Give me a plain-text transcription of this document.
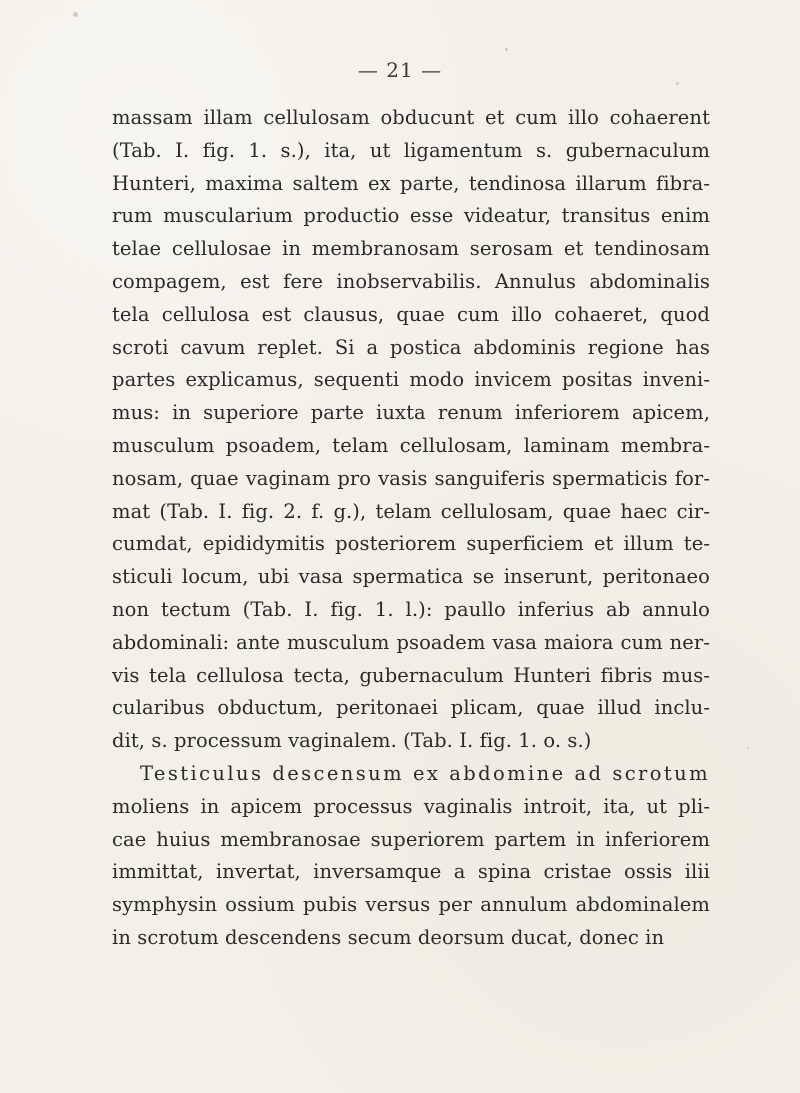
— 21 —
massam illam cellulosam obducunt et cum illo cohaerent
(Tab. I. fig. 1. s.), ita, ut ligamentum s. gubernaculum
Hunteri, maxima saltem ex parte, tendinosa illarum fibra-
rum muscularium productio esse videatur, transitus enim
telae cellulosae in membranosam serosam et tendinosam
compagem, est fere inobservabilis. Annulus abdominalis
tela cellulosa est clausus, quae cum illo cohaeret, quod
scroti cavum replet. Si a postica abdominis regione has
partes explicamus, sequenti modo invicem positas inveni-
mus: in superiore parte iuxta renum inferiorem apicem,
musculum psoadem, telam cellulosam, laminam membra-
nosam, quae vaginam pro vasis sanguiferis spermaticis for-
mat (Tab. I. fig. 2. f. g.), telam cellulosam, quae haec cir-
cumdat, epididymitis posteriorem superficiem et illum te-
sticuli locum, ubi vasa spermatica se inserunt, peritonaeo
non tectum (Tab. I. fig. 1. l.): paullo inferius ab annulo
abdominali: ante musculum psoadem vasa maiora cum ner-
vis tela cellulosa tecta, gubernaculum Hunteri fibris mus-
cularibus obductum, peritonaei plicam, quae illud inclu-
dit, s. processum vaginalem. (Tab. I. fig. 1. o. s.)
Testiculus descensum ex abdomine ad scrotum
moliens in apicem processus vaginalis introit, ita, ut pli-
cae huius membranosae superiorem partem in inferiorem
immittat, invertat, inversamque a spina cristae ossis ilii
symphysin ossium pubis versus per annulum abdominalem
in scrotum descendens secum deorsum ducat, donec in
